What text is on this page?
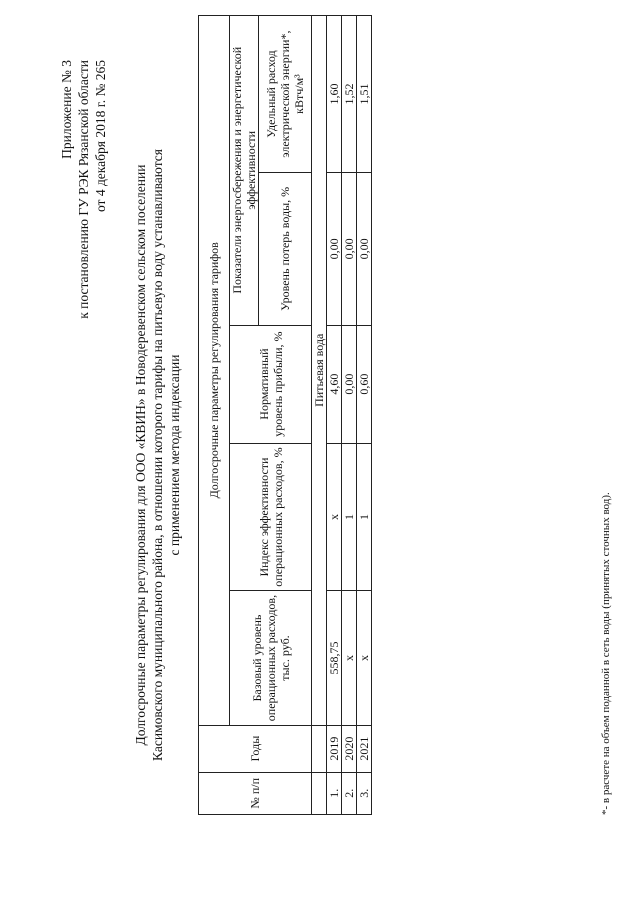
Приложение № 3 к постановлению ГУ РЭК Рязанской области от 4 декабря 2018 г. № 265
Долгосрочные параметры регулирования для ООО «КВИН» в Новодеревенском сельском поселении Касимовского муниципального района, в отношении которого тарифы на питьевую воду устанавливаются с применением метода индексации
№ п/п	Годы	Долгосрочные параметры регулирования тарифов				
		Базовый уровень операционных расходов, тыс. руб.	Индекс эффективности операционных расходов, %	Нормативный уровень прибыли, %	Показатели энергосбережения и энергетической эффективности	
					Уровень потерь воды, %	Удельный расход электрической энергии*, кВтч/м³
		Питьевая вода				
1.	2019	558,75	х	4,60	0,00	1,60
2.	2020	х	1	0,00	0,00	1,52
3.	2021	х	1	0,60	0,00	1,51
*- в расчете на объем поданной в сеть воды (принятых сточных вод).
